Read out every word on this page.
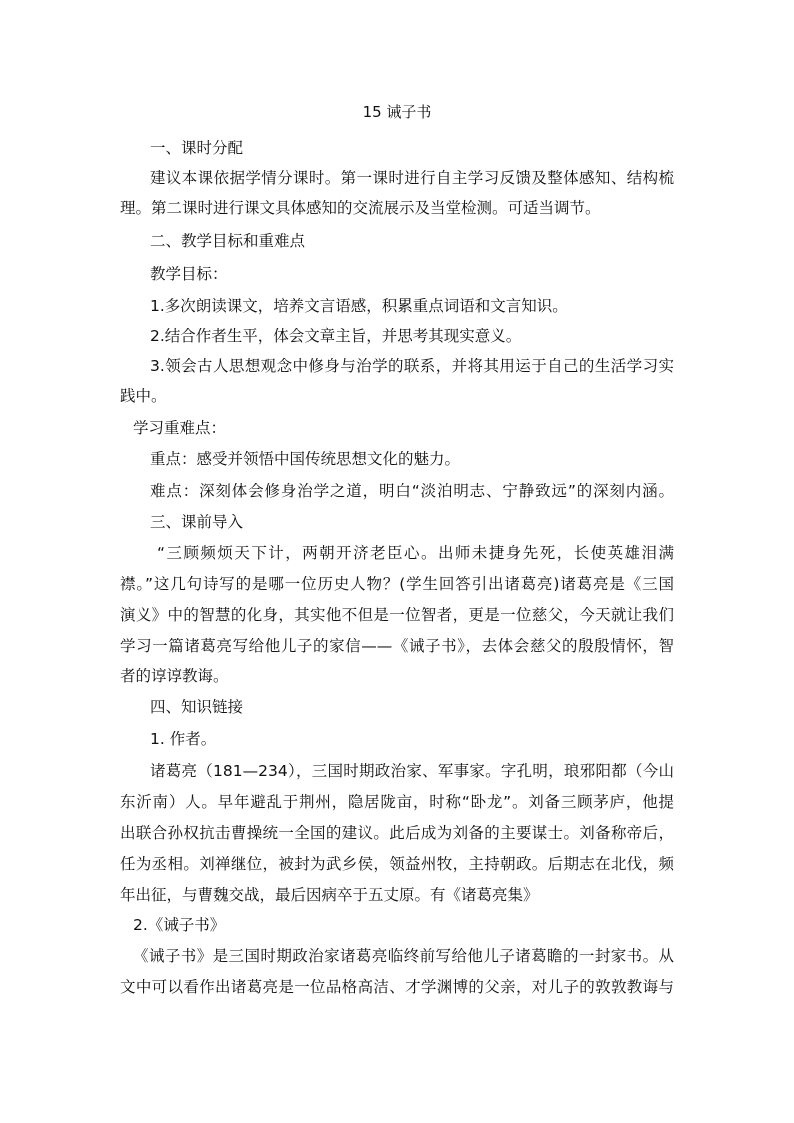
15 诫子书
一、课时分配
建议本课依据学情分课时。第一课时进行自主学习反馈及整体感知、结构梳
理。第二课时进行课文具体感知的交流展示及当堂检测。可适当调节。
二、教学目标和重难点
教学目标：
1.多次朗读课文，培养文言语感，积累重点词语和文言知识。
2.结合作者生平，体会文章主旨，并思考其现实意义。
3.领会古人思想观念中修身与治学的联系，并将其用运于自己的生活学习实
践中。
学习重难点：
重点：感受并领悟中国传统思想文化的魅力。
难点：深刻体会修身治学之道，明白“淡泊明志、宁静致远”的深刻内涵。
三、课前导入
“三顾频烦天下计，两朝开济老臣心。出师未捷身先死，长使英雄泪满
襟。”这几句诗写的是哪一位历史人物？(学生回答引出诸葛亮)诸葛亮是《三国
演义》中的智慧的化身，其实他不但是一位智者，更是一位慈父，今天就让我们
学习一篇诸葛亮写给他儿子的家信——《诫子书》，去体会慈父的殷殷情怀，智
者的谆谆教诲。
四、知识链接
1. 作者。
诸葛亮（181—234），三国时期政治家、军事家。字孔明，琅邪阳都（今山
东沂南）人。早年避乱于荆州，隐居陇亩，时称“卧龙”。刘备三顾茅庐，他提
出联合孙权抗击曹操统一全国的建议。此后成为刘备的主要谋士。刘备称帝后，
任为丞相。刘禅继位，被封为武乡侯，领益州牧，主持朝政。后期志在北伐，频
年出征，与曹魏交战，最后因病卒于五丈原。有《诸葛亮集》
2.《诫子书》
《诫子书》是三国时期政治家诸葛亮临终前写给他儿子诸葛瞻的一封家书。从
文中可以看作出诸葛亮是一位品格高洁、才学渊博的父亲，对儿子的敦敦教诲与
